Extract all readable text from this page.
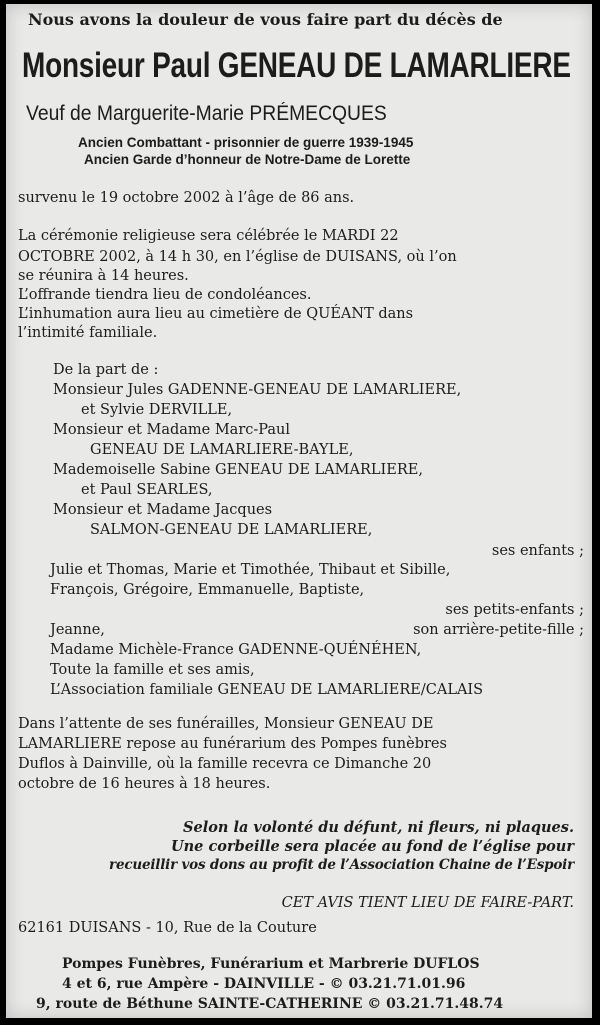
Nous avons la douleur de vous faire part du décès de

Monsieur Paul GENEAU DE LAMARLIERE

Veuf de Marguerite-Marie PRÉMECQUES

Ancien Combattant - prisonnier de guerre 1939-1945

Ancien Garde d’honneur de Notre-Dame de Lorette

survenu le 19 octobre 2002 à l’âge de 86 ans.

La cérémonie religieuse sera célébrée le MARDI 22

OCTOBRE 2002, à 14 h 30, en l’église de DUISANS, où l’on

se réunira à 14 heures.

L’offrande tiendra lieu de condoléances.

L’inhumation aura lieu au cimetière de QUÉANT dans

l’intimité familiale.

De la part de :

Monsieur Jules GADENNE-GENEAU DE LAMARLIERE,

et Sylvie DERVILLE,

Monsieur et Madame Marc-Paul

GENEAU DE LAMARLIERE-BAYLE,

Mademoiselle Sabine GENEAU DE LAMARLIERE,

et Paul SEARLES,

Monsieur et Madame Jacques

SALMON-GENEAU DE LAMARLIERE,

ses enfants ;

Julie et Thomas, Marie et Timothée, Thibaut et Sibille,

François, Grégoire, Emmanuelle, Baptiste,

ses petits-enfants ;

Jeanne,	son arrière-petite-fille ;

Madame Michèle-France GADENNE-QUÉNÉHEN,

Toute la famille et ses amis,

L’Association familiale GENEAU DE LAMARLIERE/CALAIS

Dans l’attente de ses funérailles, Monsieur GENEAU DE

LAMARLIERE repose au funérarium des Pompes funèbres

Duflos à Dainville, où la famille recevra ce Dimanche 20

octobre de 16 heures à 18 heures.

Selon la volonté du défunt, ni fleurs, ni plaques.

Une corbeille sera placée au fond de l’église pour

recueillir vos dons au profit de l’Association Chaine de l’Espoir

CET AVIS TIENT LIEU DE FAIRE-PART.

62161 DUISANS - 10, Rue de la Couture

Pompes Funèbres, Funérarium et Marbrerie DUFLOS

4 et 6, rue Ampère - DAINVILLE - © 03.21.71.01.96

9, route de Béthune SAINTE-CATHERINE © 03.21.71.48.74
